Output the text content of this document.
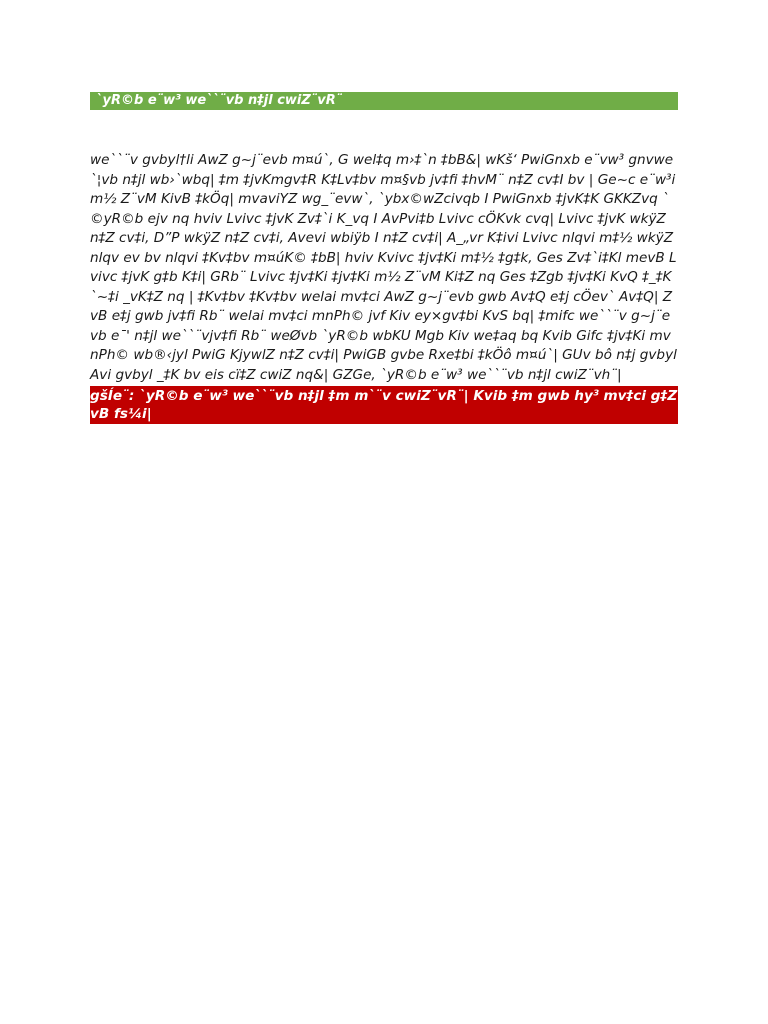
`yR©b e¨w³ we``¨vb n‡jl cwiZ¨vR¨
we``¨v gvbyl†li AwZ g~j¨evb m¤ú`, G wel‡q m›‡`n ‡bB&| wKš‘ PwiGnxb e¨vw³ gnvwe`¦vb n‡jl wb›`wbq| ‡m ‡jvKmgv‡R K‡Lv‡bv m¤§vb jv‡fi ‡hvM¨ n‡Z cv‡I bv | Ge~c e¨w³i m½ Z¨vM KivB ‡kÖq| mvaviYZ wg_¨evw`, `ybx©wZcivqb I PwiGnxb ‡jvK‡K GKKZvq `©yR©b ejv nq hviv Lvivc ‡jvK Zv‡`i K_vq I AvPvi‡b Lvivc cÖKvk cvq| Lvivc ‡jvK wkÿZ n‡Z cv‡i, D”P wkÿZ n‡Z cv‡i, Avevi wbiÿb I n‡Z cv‡i| A_„vr K‡ivi Lvivc nlqvi m‡½ wkÿZ nlqv ev bv nlqvi ‡Kv‡bv m¤úK© ‡bB| hviv Kvivc ‡jv‡Ki m‡½ ‡g‡k, Ges Zv‡`i‡Kl mevB Lvivc ‡jvK g‡b K‡i| GRb¨ Lvivc ‡jv‡Ki ‡jv‡Ki m½ Z¨vM Ki‡Z nq Ges ‡Zgb ‡jv‡Ki KvQ ‡_‡K `~‡i _vK‡Z nq | ‡Kv‡bv ‡Kv‡bv welai mv‡ci AwZ g~j¨evb gwb Av‡Q e‡j cÖev` Av‡Q| ZvB e‡j gwb jv‡fi Rb¨ welai mv‡ci mnPh© jvf Kiv ey×gv‡bi KvS bq| ‡mifc we``¨v g~j¨evb e¯' n‡jl we``¨vjv‡fi Rb¨ weØvb `yR©b wbKU Mgb Kiv we‡aq bq Kvib Gifc ‡jv‡Ki mvnPh© wb®‹jyl PwiG KjywlZ n‡Z cv‡i| PwiGB gvbe Rxe‡bi ‡kÖô m¤ú`| GUv bô n‡j gvbyl Avi gvbyl _‡K bv eis cï‡Z cwiZ nq&| GZGe, `yR©b e¨w³ we``¨vb n‡jl cwiZ¨vh¨|
gšÍe¨: `yR©b e¨w³ we``¨vb n‡jl ‡m m`¨v cwiZ¨vR¨| Kvib ‡m gwb hy³ mv‡ci g‡ZvB fs¼i|
